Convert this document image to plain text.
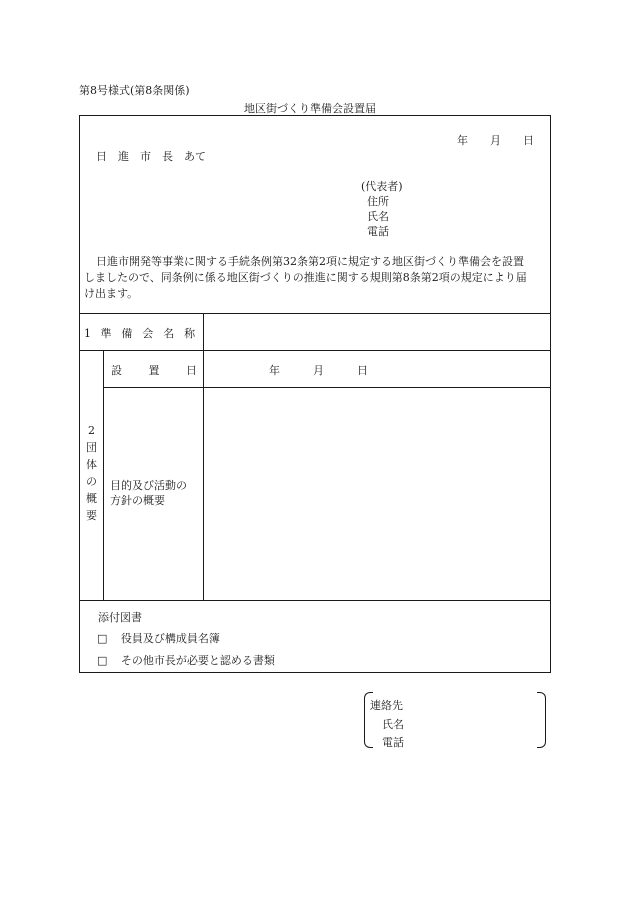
第8号様式(第8条関係)
地区街づくり準備会設置届
年　　月　　日
日　進　市　長　あて
(代表者)
住所
氏名
電話
日進市開発等事業に関する手続条例第32条第2項に規定する地区街づくり準備会を設置
しましたので、同条例に係る地区街づくりの推進に関する規則第8条第2項の規定により届
け出ます。
1 準備会名称
2
団
体
の
概
要
設 置 日	年　　　月　　　日
目的及び活動の
方針の概要
添付図書
□ 役員及び構成員名簿
□ その他市長が必要と認める書類
連絡先
氏名
電話
